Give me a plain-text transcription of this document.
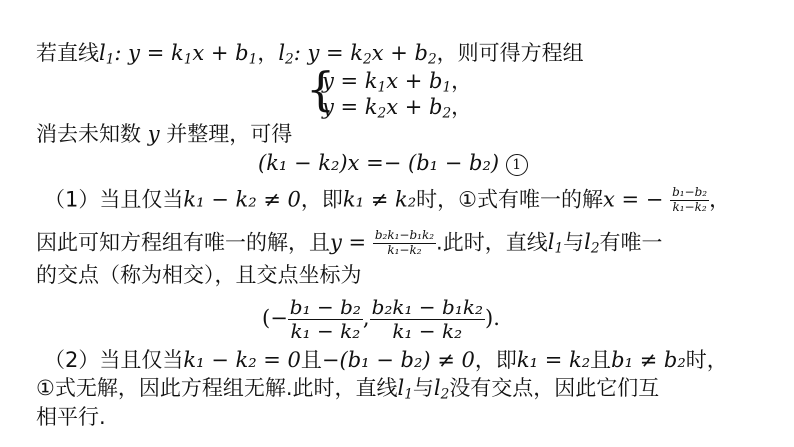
若直线$l_1$: $y = k_1x + b_1$，$l_2$: $y = k_2x + b_2$，则可得方程组
{
$y = k_1x + b_1$，
$y = k_2x + b_2$，
消去未知数 y 并整理，可得
(k₁ − k₂)x =− (b₁ − b₂) 1
（1）当且仅当k₁ − k₂ ≠ 0，即k₁ ≠ k₂时，①式有唯一的解x = − $\frac{\text{b₁−b₂}}{\text{k₁−k₂}}$ ，
因此可知方程组有唯一的解，且$y = \frac{\text{b₂k₁−b₁k₂}}{\text{k₁−k₂}}$ .此时，直线$l_1$与$l_2$有唯一
的交点（称为相交），且交点坐标为
(− $\frac{\text{b₁ − b₂}}{\text{k₁ − k₂}}$ , $\frac{\text{b₂k₁ − b₁k₂}}{\text{k₁ − k₂}}$ ).
（2）当且仅当k₁ − k₂ = 0且−(b₁ − b₂) ≠ 0，即k₁ = k₂且b₁ ≠ b₂时，
①式无解，因此方程组无解.此时，直线$l_1$与$l_2$没有交点，因此它们互
相平行.
